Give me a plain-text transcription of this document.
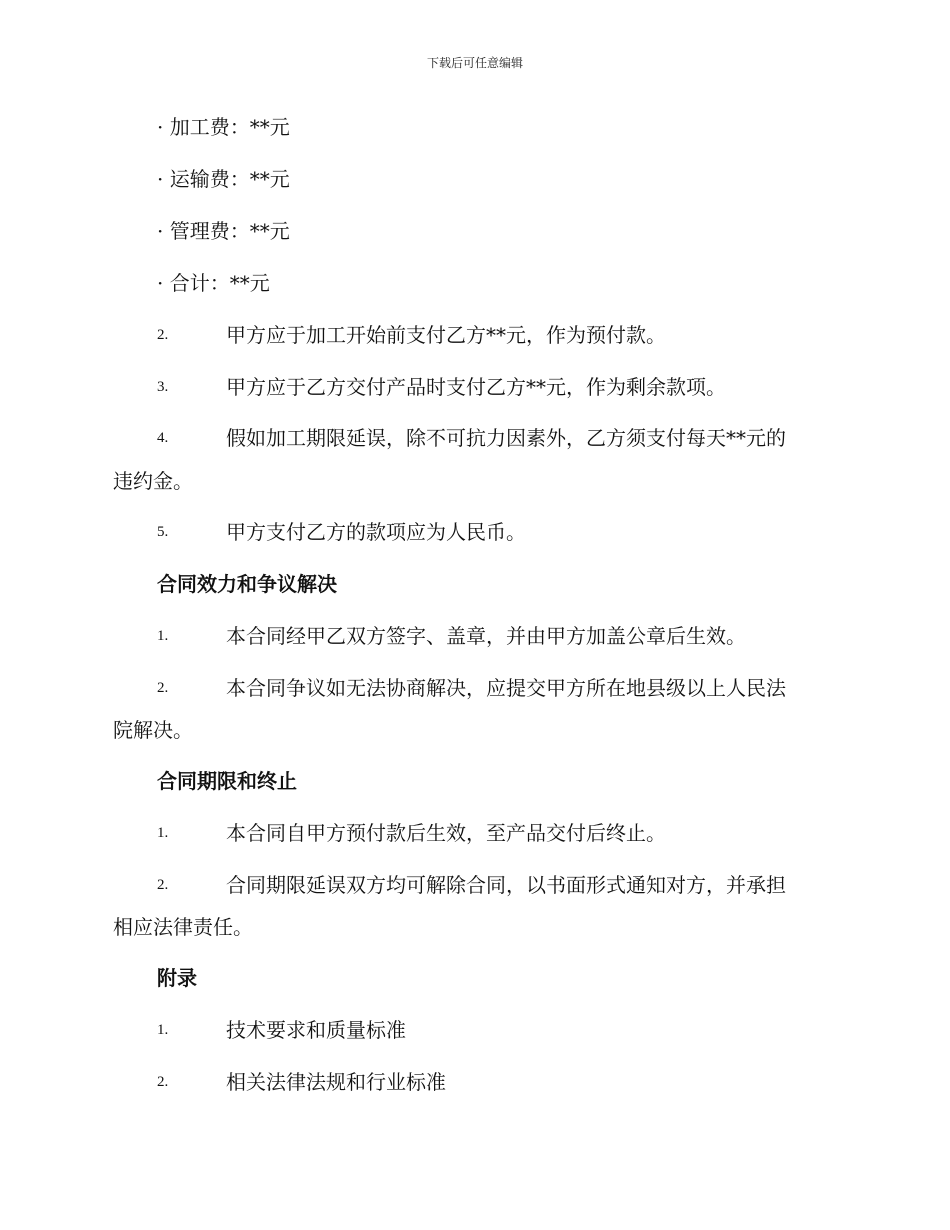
下载后可任意编辑
· 加工费：**元
· 运输费：**元
· 管理费：**元
· 合计：**元
2.	甲方应于加工开始前支付乙方**元，作为预付款。
3.	甲方应于乙方交付产品时支付乙方**元，作为剩余款项。
4.	假如加工期限延误，除不可抗力因素外，乙方须支付每天**元的
违约金。
5.	甲方支付乙方的款项应为人民币。
合同效力和争议解决
1.	本合同经甲乙双方签字、盖章，并由甲方加盖公章后生效。
2.	本合同争议如无法协商解决，应提交甲方所在地县级以上人民法
院解决。
合同期限和终止
1.	本合同自甲方预付款后生效，至产品交付后终止。
2.	合同期限延误双方均可解除合同，以书面形式通知对方，并承担
相应法律责任。
附录
1.	技术要求和质量标准
2.	相关法律法规和行业标准
